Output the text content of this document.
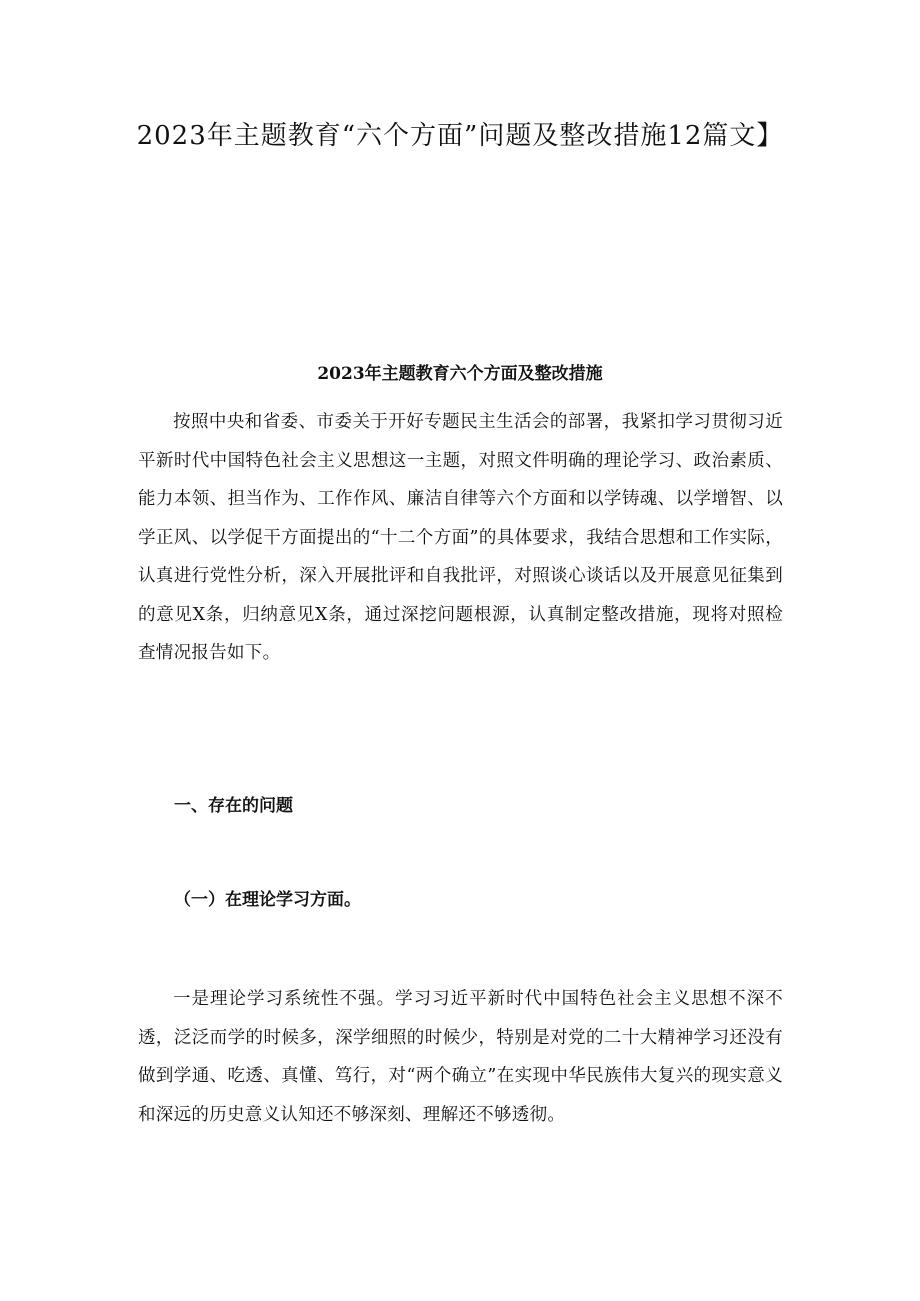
2023年主题教育“六个方面”问题及整改措施12篇文】
2023年主题教育六个方面及整改措施

按照中央和省委、市委关于开好专题民主生活会的部署，我紧扣学习贯彻习近平新时代中国特色社会主义思想这一主题，对照文件明确的理论学习、政治素质、能力本领、担当作为、工作作风、廉洁自律等六个方面和以学铸魂、以学增智、以学正风、以学促干方面提出的“十二个方面”的具体要求，我结合思想和工作实际，认真进行党性分析，深入开展批评和自我批评，对照谈心谈话以及开展意见征集到的意见X条，归纳意见X条，通过深挖问题根源，认真制定整改措施，现将对照检查情况报告如下。

一、存在的问题
（一）在理论学习方面。

一是理论学习系统性不强。学习习近平新时代中国特色社会主义思想不深不透，泛泛而学的时候多，深学细照的时候少，特别是对党的二十大精神学习还没有做到学通、吃透、真懂、笃行，对“两个确立”在实现中华民族伟大复兴的现实意义和深远的历史意义认知还不够深刻、理解还不够透彻。
